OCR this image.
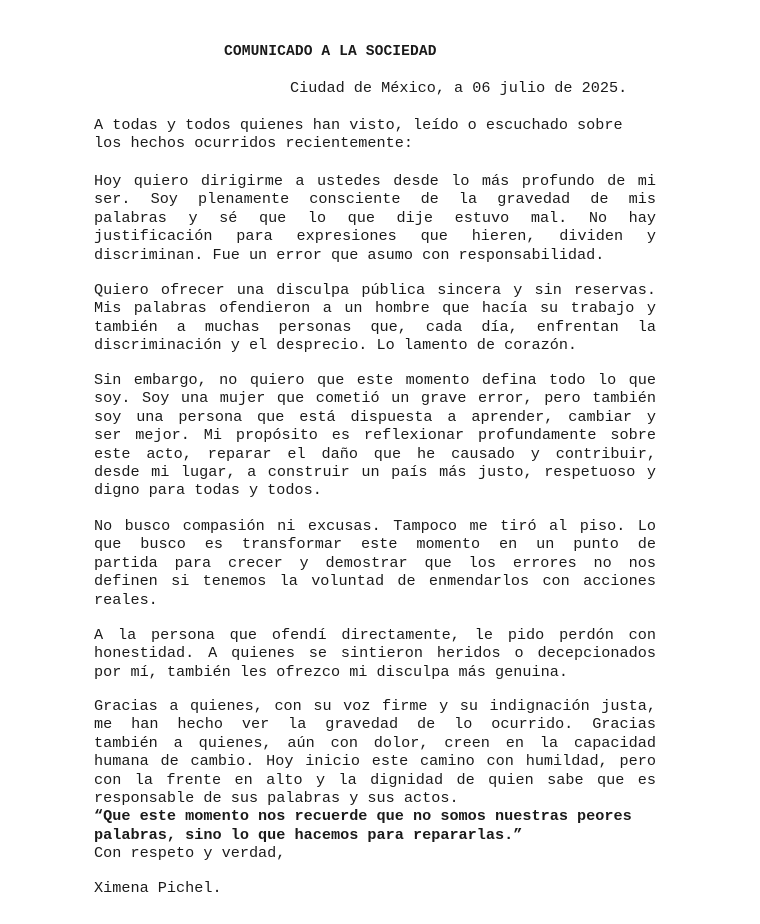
COMUNICADO A LA SOCIEDAD
Ciudad de México, a 06 julio de 2025.
A todas y todos quienes han visto, leído o escuchado sobre
los hechos ocurridos recientemente:
Hoy quiero dirigirme a ustedes desde lo más profundo de mi
ser. Soy plenamente consciente de la gravedad de mis
palabras y sé que lo que dije estuvo mal. No hay
justificación para expresiones que hieren, dividen y
discriminan. Fue un error que asumo con responsabilidad.
Quiero ofrecer una disculpa pública sincera y sin reservas.
Mis palabras ofendieron a un hombre que hacía su trabajo y
también a muchas personas que, cada día, enfrentan la
discriminación y el desprecio. Lo lamento de corazón.
Sin embargo, no quiero que este momento defina todo lo que
soy. Soy una mujer que cometió un grave error, pero también
soy una persona que está dispuesta a aprender, cambiar y
ser mejor. Mi propósito es reflexionar profundamente sobre
este acto, reparar el daño que he causado y contribuir,
desde mi lugar, a construir un país más justo, respetuoso y
digno para todas y todos.
No busco compasión ni excusas. Tampoco me tiró al piso. Lo
que busco es transformar este momento en un punto de
partida para crecer y demostrar que los errores no nos
definen si tenemos la voluntad de enmendarlos con acciones
reales.
A la persona que ofendí directamente, le pido perdón con
honestidad. A quienes se sintieron heridos o decepcionados
por mí, también les ofrezco mi disculpa más genuina.
Gracias a quienes, con su voz firme y su indignación justa,
me han hecho ver la gravedad de lo ocurrido. Gracias
también a quienes, aún con dolor, creen en la capacidad
humana de cambio. Hoy inicio este camino con humildad, pero
con la frente en alto y la dignidad de quien sabe que es
responsable de sus palabras y sus actos.
“Que este momento nos recuerde que no somos nuestras peores
palabras, sino lo que hacemos para repararlas.”
Con respeto y verdad,
Ximena Pichel.
